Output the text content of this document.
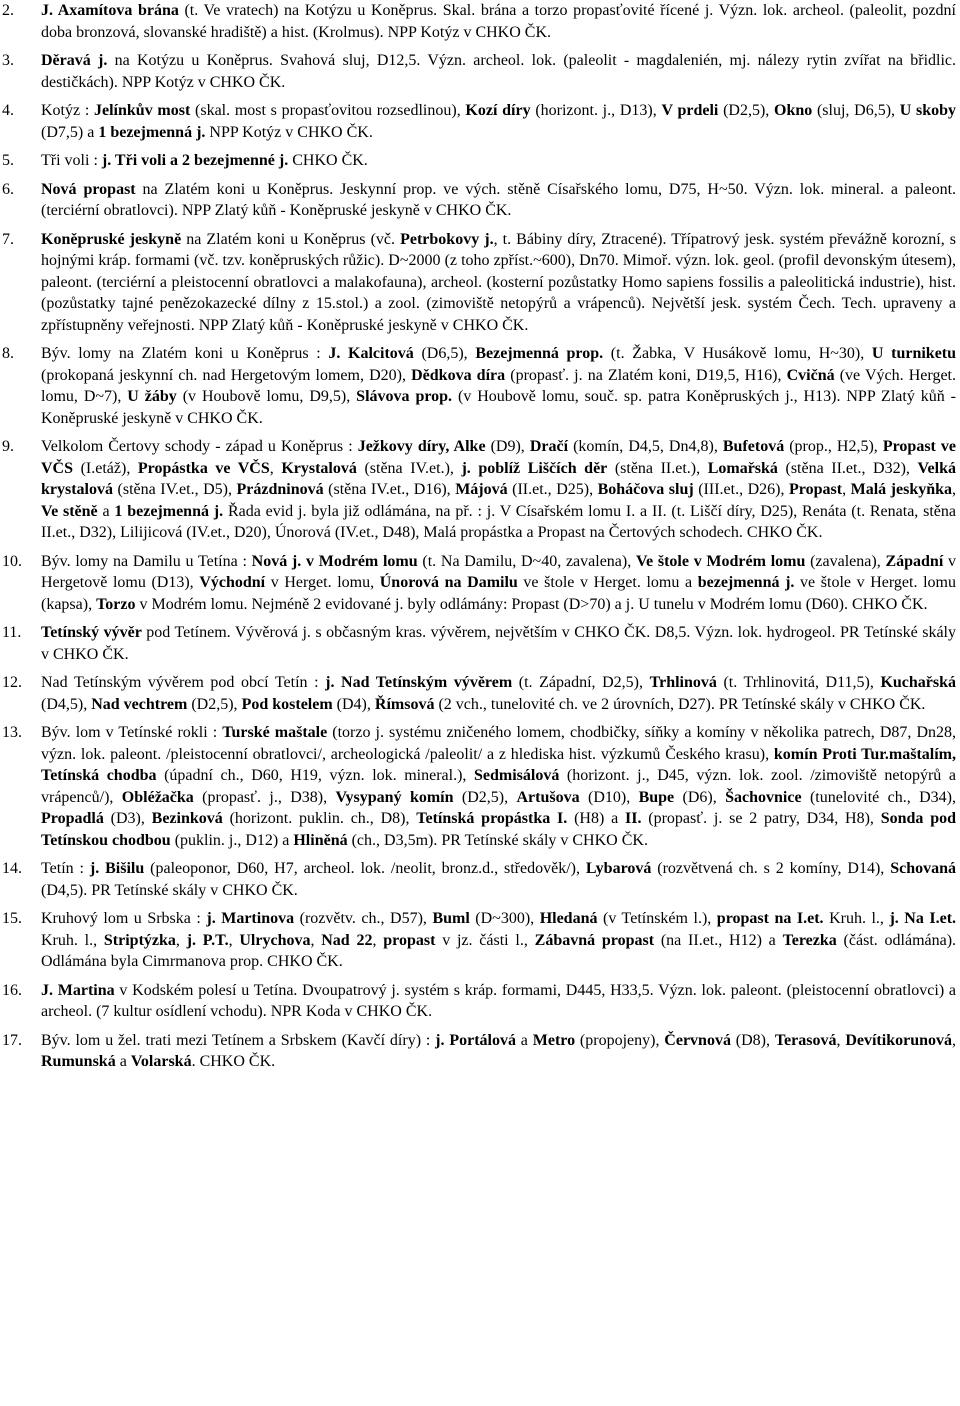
2.	J. Axamítova brána (t. Ve vratech) na Kotýzu u Koněprus. Skal. brána a torzo propasťovité řícené j. Význ. lok. archeol. (paleolit, pozdní doba bronzová, slovanské hradiště) a hist. (Krolmus). NPP Kotýz v CHKO ČK.
3.	Děravá j. na Kotýzu u Koněprus. Svahová sluj, D12,5. Význ. archeol. lok. (paleolit - magdalenién, mj. nálezy rytin zvířat na břidlic. destičkách). NPP Kotýz v CHKO ČK.
4.	Kotýz : Jelínkův most (skal. most s propasťovitou rozsedlinou), Kozí díry (horizont. j., D13), V prdeli (D2,5), Okno (sluj, D6,5), U skoby (D7,5) a 1 bezejmenná j. NPP Kotýz v CHKO ČK.
5.	Tři voli : j. Tři voli a 2 bezejmenné j. CHKO ČK.
6.	Nová propast na Zlatém koni u Koněprus. Jeskynní prop. ve vých. stěně Císařského lomu, D75, H~50. Význ. lok. mineral. a paleont. (terciérní obratlovci). NPP Zlatý kůň - Koněpruské jeskyně v CHKO ČK.
7.	Koněpruské jeskyně na Zlatém koni u Koněprus (vč. Petrbokovy j., t. Bábiny díry, Ztracené). Třípatrový jesk. systém převážně korozní, s hojnými kráp. formami (vč. tzv. koněpruských růžic). D~2000 (z toho zpříst.~600), Dn70. Mimoř. význ. lok. geol. (profil devonským útesem), paleont. (terciérní a pleistocenní obratlovci a malakofauna), archeol. (kosterní pozůstatky Homo sapiens fossilis a paleolitická industrie), hist. (pozůstatky tajné penězokazecké dílny z 15.stol.) a zool. (zimoviště netopýrů a vrápenců). Největší jesk. systém Čech. Tech. upraveny a zpřístupněny veřejnosti. NPP Zlatý kůň - Koněpruské jeskyně v CHKO ČK.
8.	Býv. lomy na Zlatém koni u Koněprus : J. Kalcitová (D6,5), Bezejmenná prop. (t. Žabka, V Husákově lomu, H~30), U turniketu (prokopaná jeskynní ch. nad Hergetovým lomem, D20), Dědkova díra (propasť. j. na Zlatém koni, D19,5, H16), Cvičná (ve Vých. Herget. lomu, D~7), U žáby (v Houbově lomu, D9,5), Slávova prop. (v Houbově lomu, souč. sp. patra Koněpruských j., H13). NPP Zlatý kůň - Koněpruské jeskyně v CHKO ČK.
9.	Velkolom Čertovy schody - západ u Koněprus : Ježkovy díry, Alke (D9), Dračí (komín, D4,5, Dn4,8), Bufetová (prop., H2,5), Propast ve VČS (I.etáž), Propástka ve VČS, Krystalová (stěna IV.et.), j. poblíž Liščích děr (stěna II.et.), Lomařská (stěna II.et., D32), Velká krystalová (stěna IV.et., D5), Prázdninová (stěna IV.et., D16), Májová (II.et., D25), Boháčova sluj (III.et., D26), Propast, Malá jeskyňka, Ve stěně a 1 bezejmenná j. Řada evid j. byla již odlámána, na př. : j. V Císařském lomu I. a II. (t. Liščí díry, D25), Renáta (t. Renata, stěna II.et., D32), Lilijicová (IV.et., D20), Únorová (IV.et., D48), Malá propástka a Propast na Čertových schodech. CHKO ČK.
10.	Býv. lomy na Damilu u Tetína : Nová j. v Modrém lomu (t. Na Damilu, D~40, zavalena), Ve štole v Modrém lomu (zavalena), Západní v Hergetově lomu (D13), Východní v Herget. lomu, Únorová na Damilu ve štole v Herget. lomu a bezejmenná j. ve štole v Herget. lomu (kapsa), Torzo v Modrém lomu. Nejméně 2 evidované j. byly odlámány: Propast (D>70) a j. U tunelu v Modrém lomu (D60). CHKO ČK.
11.	Tetínský vývěr pod Tetínem. Vývěrová j. s občasným kras. vývěrem, největším v CHKO ČK. D8,5. Význ. lok. hydrogeol. PR Tetínské skály v CHKO ČK.
12.	Nad Tetínským vývěrem pod obcí Tetín : j. Nad Tetínským vývěrem (t. Západní, D2,5), Trhlinová (t. Trhlinovitá, D11,5), Kuchařská (D4,5), Nad vechtrem (D2,5), Pod kostelem (D4), Římsová (2 vch., tunelovité ch. ve 2 úrovních, D27). PR Tetínské skály v CHKO ČK.
13.	Býv. lom v Tetínské rokli : Turské maštale (torzo j. systému zničeného lomem, chodbičky, síňky a komíny v několika patrech, D87, Dn28, význ. lok. paleont. /pleistocenní obratlovci/, archeologická /paleolit/ a z hlediska hist. výzkumů Českého krasu), komín Proti Tur.maštalím, Tetínská chodba (úpadní ch., D60, H19, význ. lok. mineral.), Sedmisálová (horizont. j., D45, význ. lok. zool. /zimoviště netopýrů a vrápenců/), Obléžačka (propasť. j., D38), Vysypaný komín (D2,5), Artušova (D10), Bupe (D6), Šachovnice (tunelovité ch., D34), Propadlá (D3), Bezinková (horizont. puklin. ch., D8), Tetínská propástka I. (H8) a II. (propasť. j. se 2 patry, D34, H8), Sonda pod Tetínskou chodbou (puklin. j., D12) a Hliněná (ch., D3,5m). PR Tetínské skály v CHKO ČK.
14.	Tetín : j. Bišilu (paleoponor, D60, H7, archeol. lok. /neolit, bronz.d., středověk/), Lybarová (rozvětvená ch. s 2 komíny, D14), Schovaná (D4,5). PR Tetínské skály v CHKO ČK.
15.	Kruhový lom u Srbska : j. Martinova (rozvětv. ch., D57), Buml (D~300), Hledaná (v Tetínském l.), propast na I.et. Kruh. l., j. Na I.et. Kruh. l., Striptýzka, j. P.T., Ulrychova, Nad 22, propast v jz. části l., Zábavná propast (na II.et., H12) a Terezka (část. odlámána). Odlámána byla Cimrmanova prop. CHKO ČK.
16.	J. Martina v Kodském polesí u Tetína. Dvoupatrový j. systém s kráp. formami, D445, H33,5. Význ. lok. paleont. (pleistocenní obratlovci) a archeol. (7 kultur osídlení vchodu). NPR Koda v CHKO ČK.
17.	Býv. lom u žel. trati mezi Tetínem a Srbskem (Kavčí díry) : j. Portálová a Metro (propojeny), Červnová (D8), Terasová, Devítikorunová, Rumunská a Volarská. CHKO ČK.
